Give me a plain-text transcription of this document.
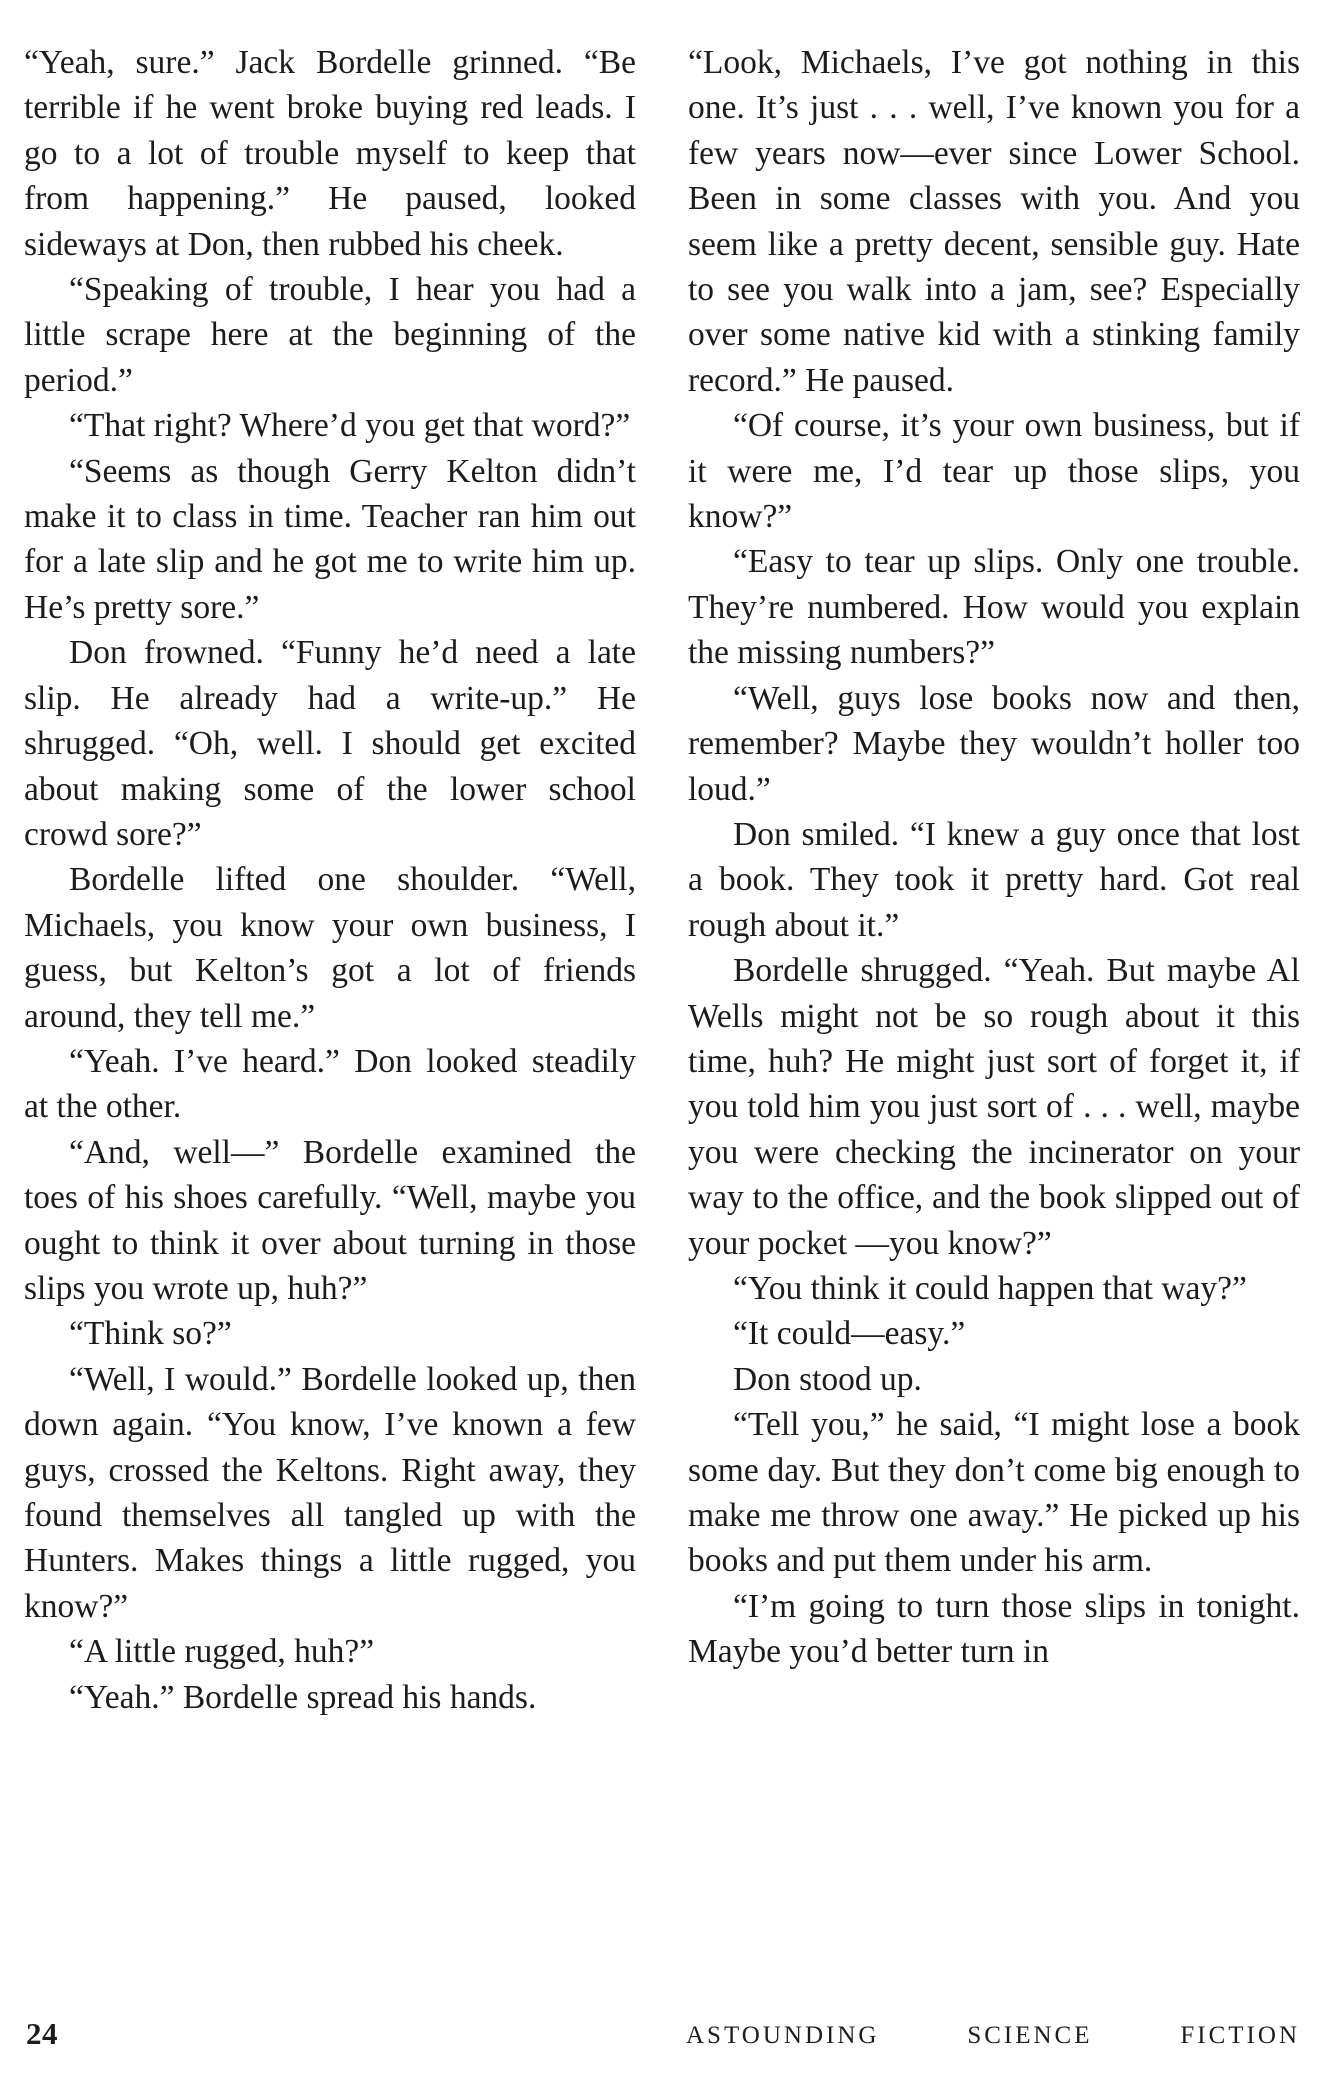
“Yeah, sure.” Jack Bordelle grinned. “Be terrible if he went broke buying red leads. I go to a lot of trouble myself to keep that from happening.” He paused, looked sideways at Don, then rubbed his cheek.

“Speaking of trouble, I hear you had a little scrape here at the beginning of the period.”

“That right? Where’d you get that word?”

“Seems as though Gerry Kelton didn’t make it to class in time. Teacher ran him out for a late slip and he got me to write him up. He’s pretty sore.”

Don frowned. “Funny he’d need a late slip. He already had a write-up.” He shrugged. “Oh, well. I should get excited about making some of the lower school crowd sore?”

Bordelle lifted one shoulder. “Well, Michaels, you know your own business, I guess, but Kelton’s got a lot of friends around, they tell me.”

“Yeah. I’ve heard.” Don looked steadily at the other.

“And, well—” Bordelle examined the toes of his shoes carefully. “Well, maybe you ought to think it over about turning in those slips you wrote up, huh?”

“Think so?”

“Well, I would.” Bordelle looked up, then down again. “You know, I’ve known a few guys, crossed the Keltons. Right away, they found themselves all tangled up with the Hunters. Makes things a little rugged, you know?”

“A little rugged, huh?”

“Yeah.” Bordelle spread his hands.

“Look, Michaels, I’ve got nothing in this one. It’s just . . . well, I’ve known you for a few years now—ever since Lower School. Been in some classes with you. And you seem like a pretty decent, sensible guy. Hate to see you walk into a jam, see? Especially over some native kid with a stinking family record.” He paused.

“Of course, it’s your own business, but if it were me, I’d tear up those slips, you know?”

“Easy to tear up slips. Only one trouble. They’re numbered. How would you explain the missing numbers?”

“Well, guys lose books now and then, remember? Maybe they wouldn’t holler too loud.”

Don smiled. “I knew a guy once that lost a book. They took it pretty hard. Got real rough about it.”

Bordelle shrugged. “Yeah. But maybe Al Wells might not be so rough about it this time, huh? He might just sort of forget it, if you told him you just sort of . . . well, maybe you were checking the incinerator on your way to the office, and the book slipped out of your pocket —you know?”

“You think it could happen that way?”

“It could—easy.”

Don stood up.

“Tell you,” he said, “I might lose a book some day. But they don’t come big enough to make me throw one away.” He picked up his books and put them under his arm.

“I’m going to turn those slips in tonight. Maybe you’d better turn in

24	ASTOUNDING SCIENCE FICTION
